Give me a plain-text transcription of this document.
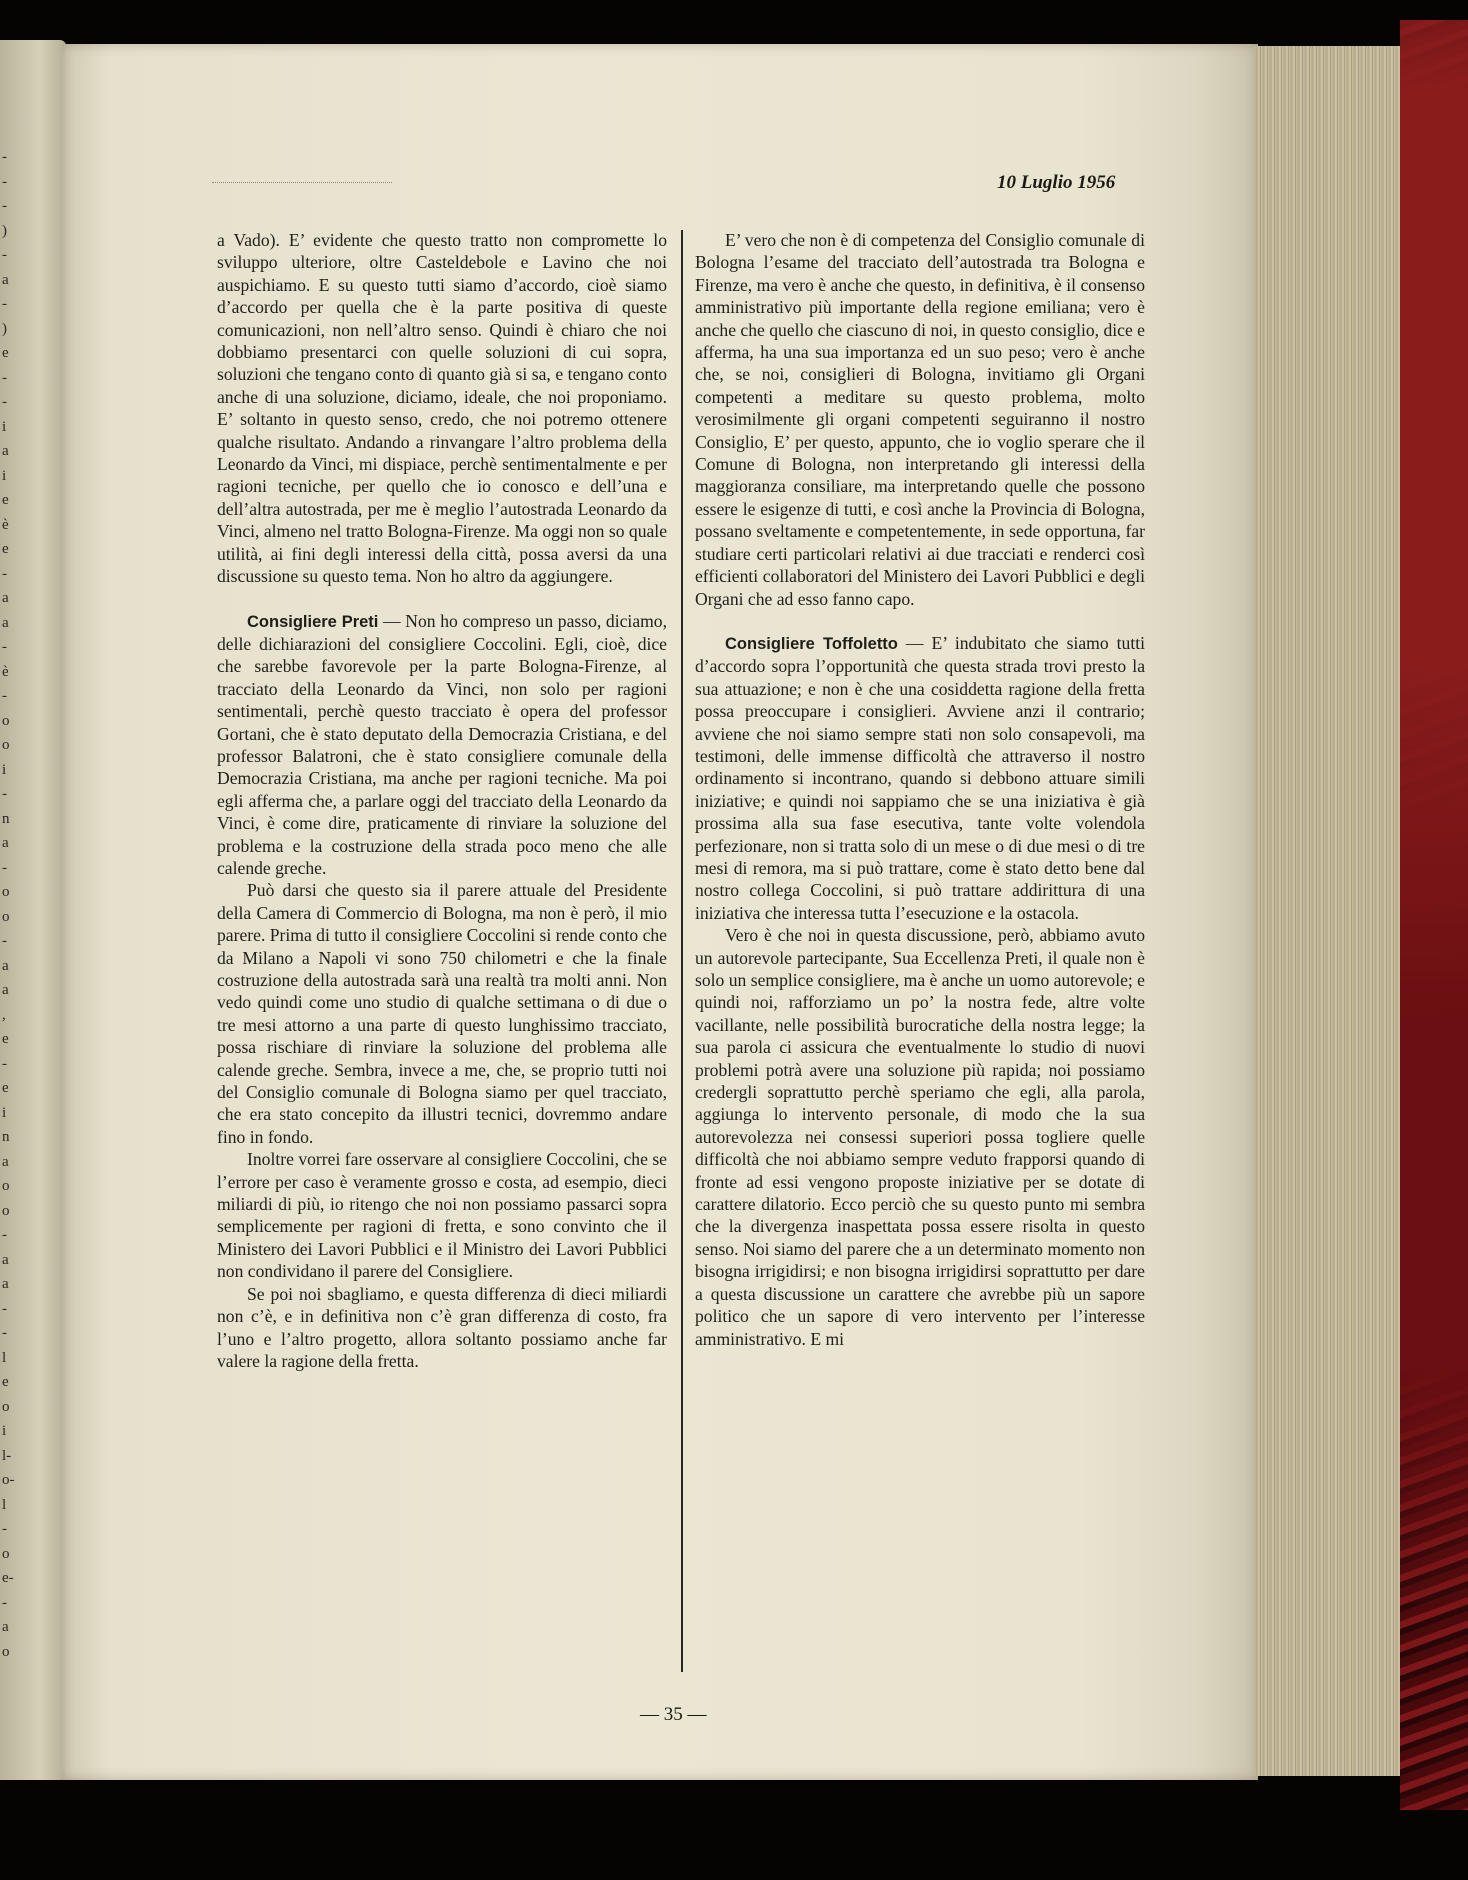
-
-
-
)
-
a
-
)
e
-
-
i
a
i
e
è
e
-
a
a
-
è
-
o
o
i
-
n
a
-
o
o
-
a
a
,
e
-
e
i
n
a
o
o
-
a
a
-
-
l
e
o
i
l-
o-
l
-
o
e-
-
a
o
10 Luglio 1956

a Vado). E’ evidente che questo tratto non compromette lo sviluppo ulteriore, oltre Casteldebole e Lavino che noi auspichiamo. E su questo tutti siamo d’accordo, cioè siamo d’accordo per quella che è la parte positiva di queste comunicazioni, non nell’altro senso. Quindi è chiaro che noi dobbiamo presentarci con quelle soluzioni di cui sopra, soluzioni che tengano conto di quanto già si sa, e tengano conto anche di una soluzione, diciamo, ideale, che noi proponiamo. E’ soltanto in questo senso, credo, che noi potremo ottenere qualche risultato. Andando a rinvangare l’altro problema della Leonardo da Vinci, mi dispiace, perchè sentimentalmente e per ragioni tecniche, per quello che io conosco e dell’una e dell’altra autostrada, per me è meglio l’autostrada Leonardo da Vinci, almeno nel tratto Bologna-Firenze. Ma oggi non so quale utilità, ai fini degli interessi della città, possa aversi da una discussione su questo tema. Non ho altro da aggiungere.

Consigliere Preti — Non ho compreso un passo, diciamo, delle dichiarazioni del consigliere Coccolini. Egli, cioè, dice che sarebbe favorevole per la parte Bologna-Firenze, al tracciato della Leonardo da Vinci, non solo per ragioni sentimentali, perchè questo tracciato è opera del professor Gortani, che è stato deputato della Democrazia Cristiana, e del professor Balatroni, che è stato consigliere comunale della Democrazia Cristiana, ma anche per ragioni tecniche. Ma poi egli afferma che, a parlare oggi del tracciato della Leonardo da Vinci, è come dire, praticamente di rinviare la soluzione del problema e la costruzione della strada poco meno che alle calende greche.

Può darsi che questo sia il parere attuale del Presidente della Camera di Commercio di Bologna, ma non è però, il mio parere. Prima di tutto il consigliere Coccolini si rende conto che da Milano a Napoli vi sono 750 chilometri e che la finale costruzione della autostrada sarà una realtà tra molti anni. Non vedo quindi come uno studio di qualche settimana o di due o tre mesi attorno a una parte di questo lunghissimo tracciato, possa rischiare di rinviare la soluzione del problema alle calende greche. Sembra, invece a me, che, se proprio tutti noi del Consiglio comunale di Bologna siamo per quel tracciato, che era stato concepito da illustri tecnici, dovremmo andare fino in fondo.

Inoltre vorrei fare osservare al consigliere Coccolini, che se l’errore per caso è veramente grosso e costa, ad esempio, dieci miliardi di più, io ritengo che noi non possiamo passarci sopra semplicemente per ragioni di fretta, e sono convinto che il Ministero dei Lavori Pubblici e il Ministro dei Lavori Pubblici non condividano il parere del Consigliere.

Se poi noi sbagliamo, e questa differenza di dieci miliardi non c’è, e in definitiva non c’è gran differenza di costo, fra l’uno e l’altro progetto, allora soltanto possiamo anche far valere la ragione della fretta.

E’ vero che non è di competenza del Consiglio comunale di Bologna l’esame del tracciato dell’autostrada tra Bologna e Firenze, ma vero è anche che questo, in definitiva, è il consenso amministrativo più importante della regione emiliana; vero è anche che quello che ciascuno di noi, in questo consiglio, dice e afferma, ha una sua importanza ed un suo peso; vero è anche che, se noi, consiglieri di Bologna, invitiamo gli Organi competenti a meditare su questo problema, molto verosimilmente gli organi competenti seguiranno il nostro Consiglio, E’ per questo, appunto, che io voglio sperare che il Comune di Bologna, non interpretando gli interessi della maggioranza consiliare, ma interpretando quelle che possono essere le esigenze di tutti, e così anche la Provincia di Bologna, possano sveltamente e competentemente, in sede opportuna, far studiare certi particolari relativi ai due tracciati e renderci così efficienti collaboratori del Ministero dei Lavori Pubblici e degli Organi che ad esso fanno capo.

Consigliere Toffoletto — E’ indubitato che siamo tutti d’accordo sopra l’opportunità che questa strada trovi presto la sua attuazione; e non è che una cosiddetta ragione della fretta possa preoccupare i consiglieri. Avviene anzi il contrario; avviene che noi siamo sempre stati non solo consapevoli, ma testimoni, delle immense difficoltà che attraverso il nostro ordinamento si incontrano, quando si debbono attuare simili iniziative; e quindi noi sappiamo che se una iniziativa è già prossima alla sua fase esecutiva, tante volte volendola perfezionare, non si tratta solo di un mese o di due mesi o di tre mesi di remora, ma si può trattare, come è stato detto bene dal nostro collega Coccolini, si può trattare addirittura di una iniziativa che interessa tutta l’esecuzione e la ostacola.

Vero è che noi in questa discussione, però, abbiamo avuto un autorevole partecipante, Sua Eccellenza Preti, il quale non è solo un semplice consigliere, ma è anche un uomo autorevole; e quindi noi, rafforziamo un po’ la nostra fede, altre volte vacillante, nelle possibilità burocratiche della nostra legge; la sua parola ci assicura che eventualmente lo studio di nuovi problemi potrà avere una soluzione più rapida; noi possiamo credergli soprattutto perchè speriamo che egli, alla parola, aggiunga lo intervento personale, di modo che la sua autorevolezza nei consessi superiori possa togliere quelle difficoltà che noi abbiamo sempre veduto frapporsi quando di fronte ad essi vengono proposte iniziative per se dotate di carattere dilatorio. Ecco perciò che su questo punto mi sembra che la divergenza inaspettata possa essere risolta in questo senso. Noi siamo del parere che a un determinato momento non bisogna irrigidirsi; e non bisogna irrigidirsi soprattutto per dare a questa discussione un carattere che avrebbe più un sapore politico che un sapore di vero intervento per l’interesse amministrativo. E mi

— 35 —
